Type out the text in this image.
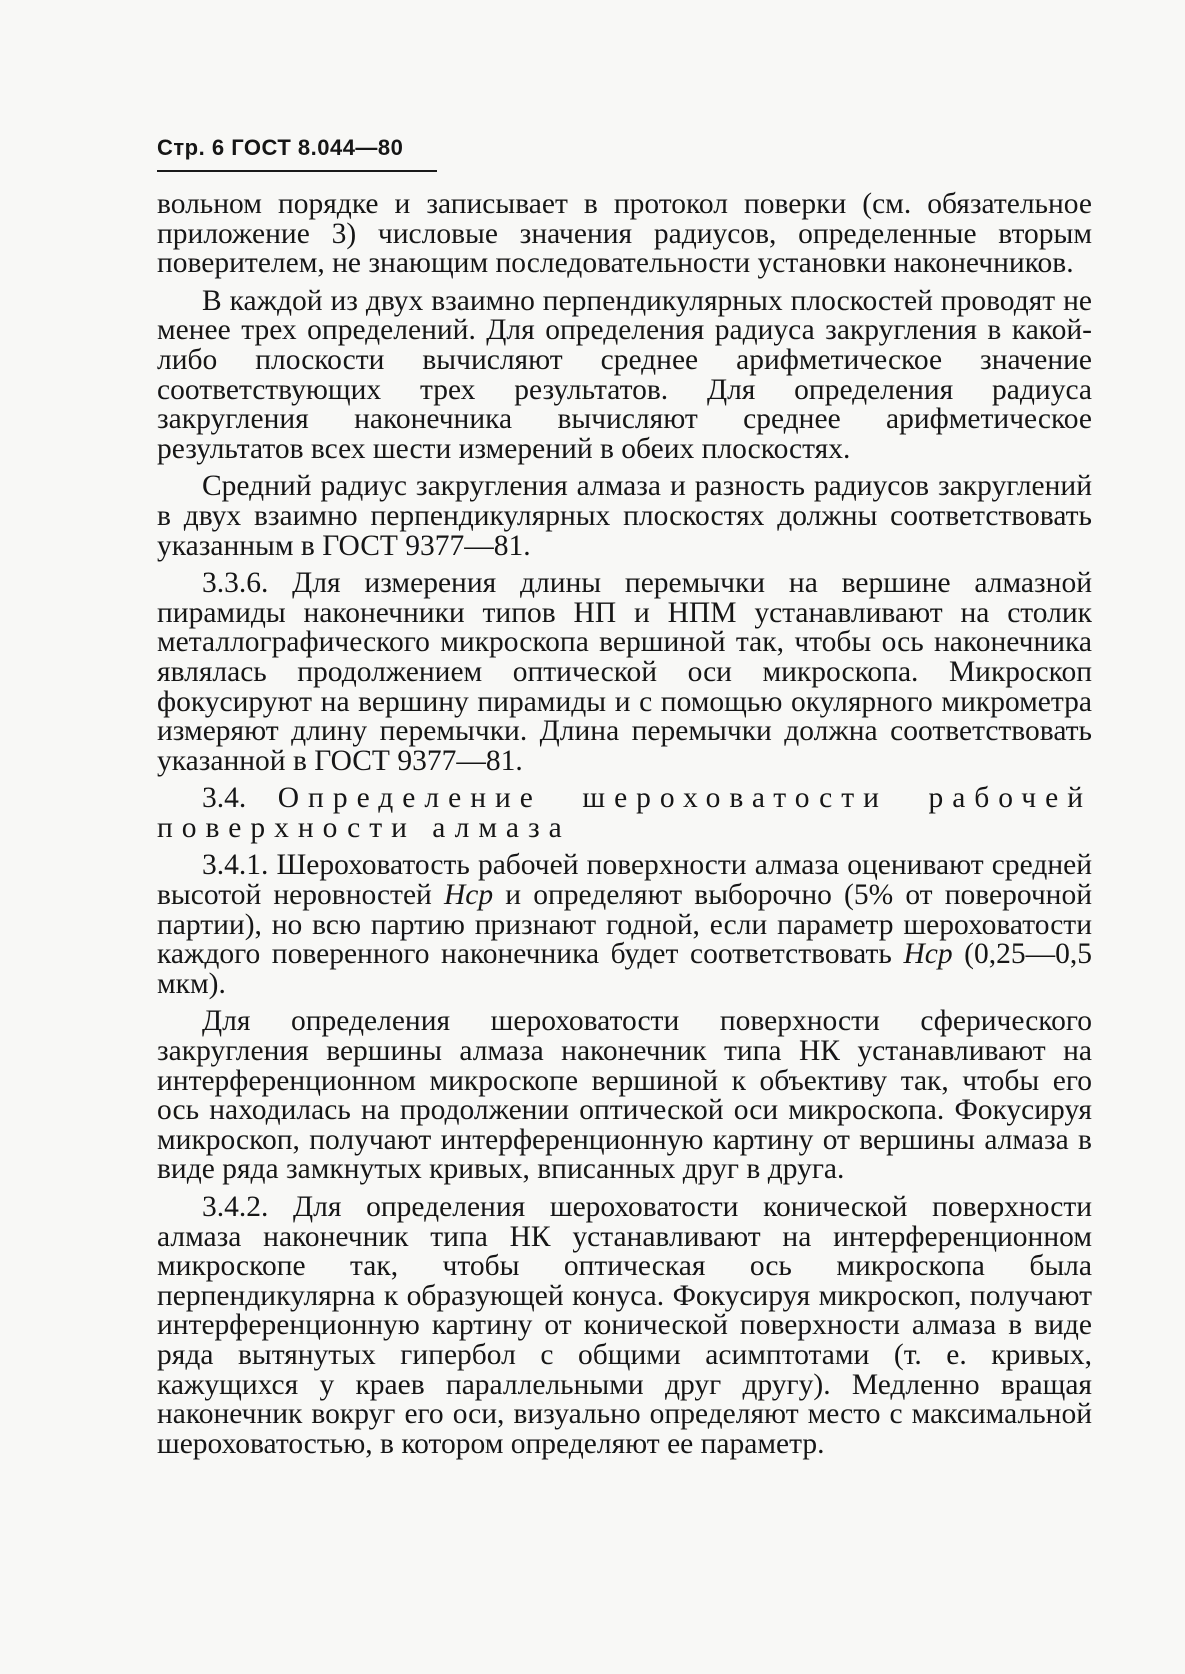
Стр. 6 ГОСТ 8.044—80

вольном порядке и записывает в протокол поверки (см. обязательное приложение 3) числовые значения радиусов, определенные вторым поверителем, не знающим последовательности установки наконечников.

В каждой из двух взаимно перпендикулярных плоскостей проводят не менее трех определений. Для определения радиуса закругления в какой-либо плоскости вычисляют среднее арифметическое значение соответствующих трех результатов. Для определения радиуса закругления наконечника вычисляют среднее арифметическое результатов всех шести измерений в обеих плоскостях.

Средний радиус закругления алмаза и разность радиусов закруглений в двух взаимно перпендикулярных плоскостях должны соответствовать указанным в ГОСТ 9377—81.

3.3.6. Для измерения длины перемычки на вершине алмазной пирамиды наконечники типов НП и НПМ устанавливают на столик металлографического микроскопа вершиной так, чтобы ось наконечника являлась продолжением оптической оси микроскопа. Микроскоп фокусируют на вершину пирамиды и с помощью окулярного микрометра измеряют длину перемычки. Длина перемычки должна соответствовать указанной в ГОСТ 9377—81.

3.4. Определение шероховатости рабочей поверхности алмаза

3.4.1. Шероховатость рабочей поверхности алмаза оценивают средней высотой неровностей Hср и определяют выборочно (5% от поверочной партии), но всю партию признают годной, если параметр шероховатости каждого поверенного наконечника будет соответствовать Hср (0,25—0,5 мкм).

Для определения шероховатости поверхности сферического закругления вершины алмаза наконечник типа НК устанавливают на интерференционном микроскопе вершиной к объективу так, чтобы его ось находилась на продолжении оптической оси микроскопа. Фокусируя микроскоп, получают интерференционную картину от вершины алмаза в виде ряда замкнутых кривых, вписанных друг в друга.

3.4.2. Для определения шероховатости конической поверхности алмаза наконечник типа НК устанавливают на интерференционном микроскопе так, чтобы оптическая ось микроскопа была перпендикулярна к образующей конуса. Фокусируя микроскоп, получают интерференционную картину от конической поверхности алмаза в виде ряда вытянутых гипербол с общими асимптотами (т. е. кривых, кажущихся у краев параллельными друг другу). Медленно вращая наконечник вокруг его оси, визуально определяют место с максимальной шероховатостью, в котором определяют ее параметр.
